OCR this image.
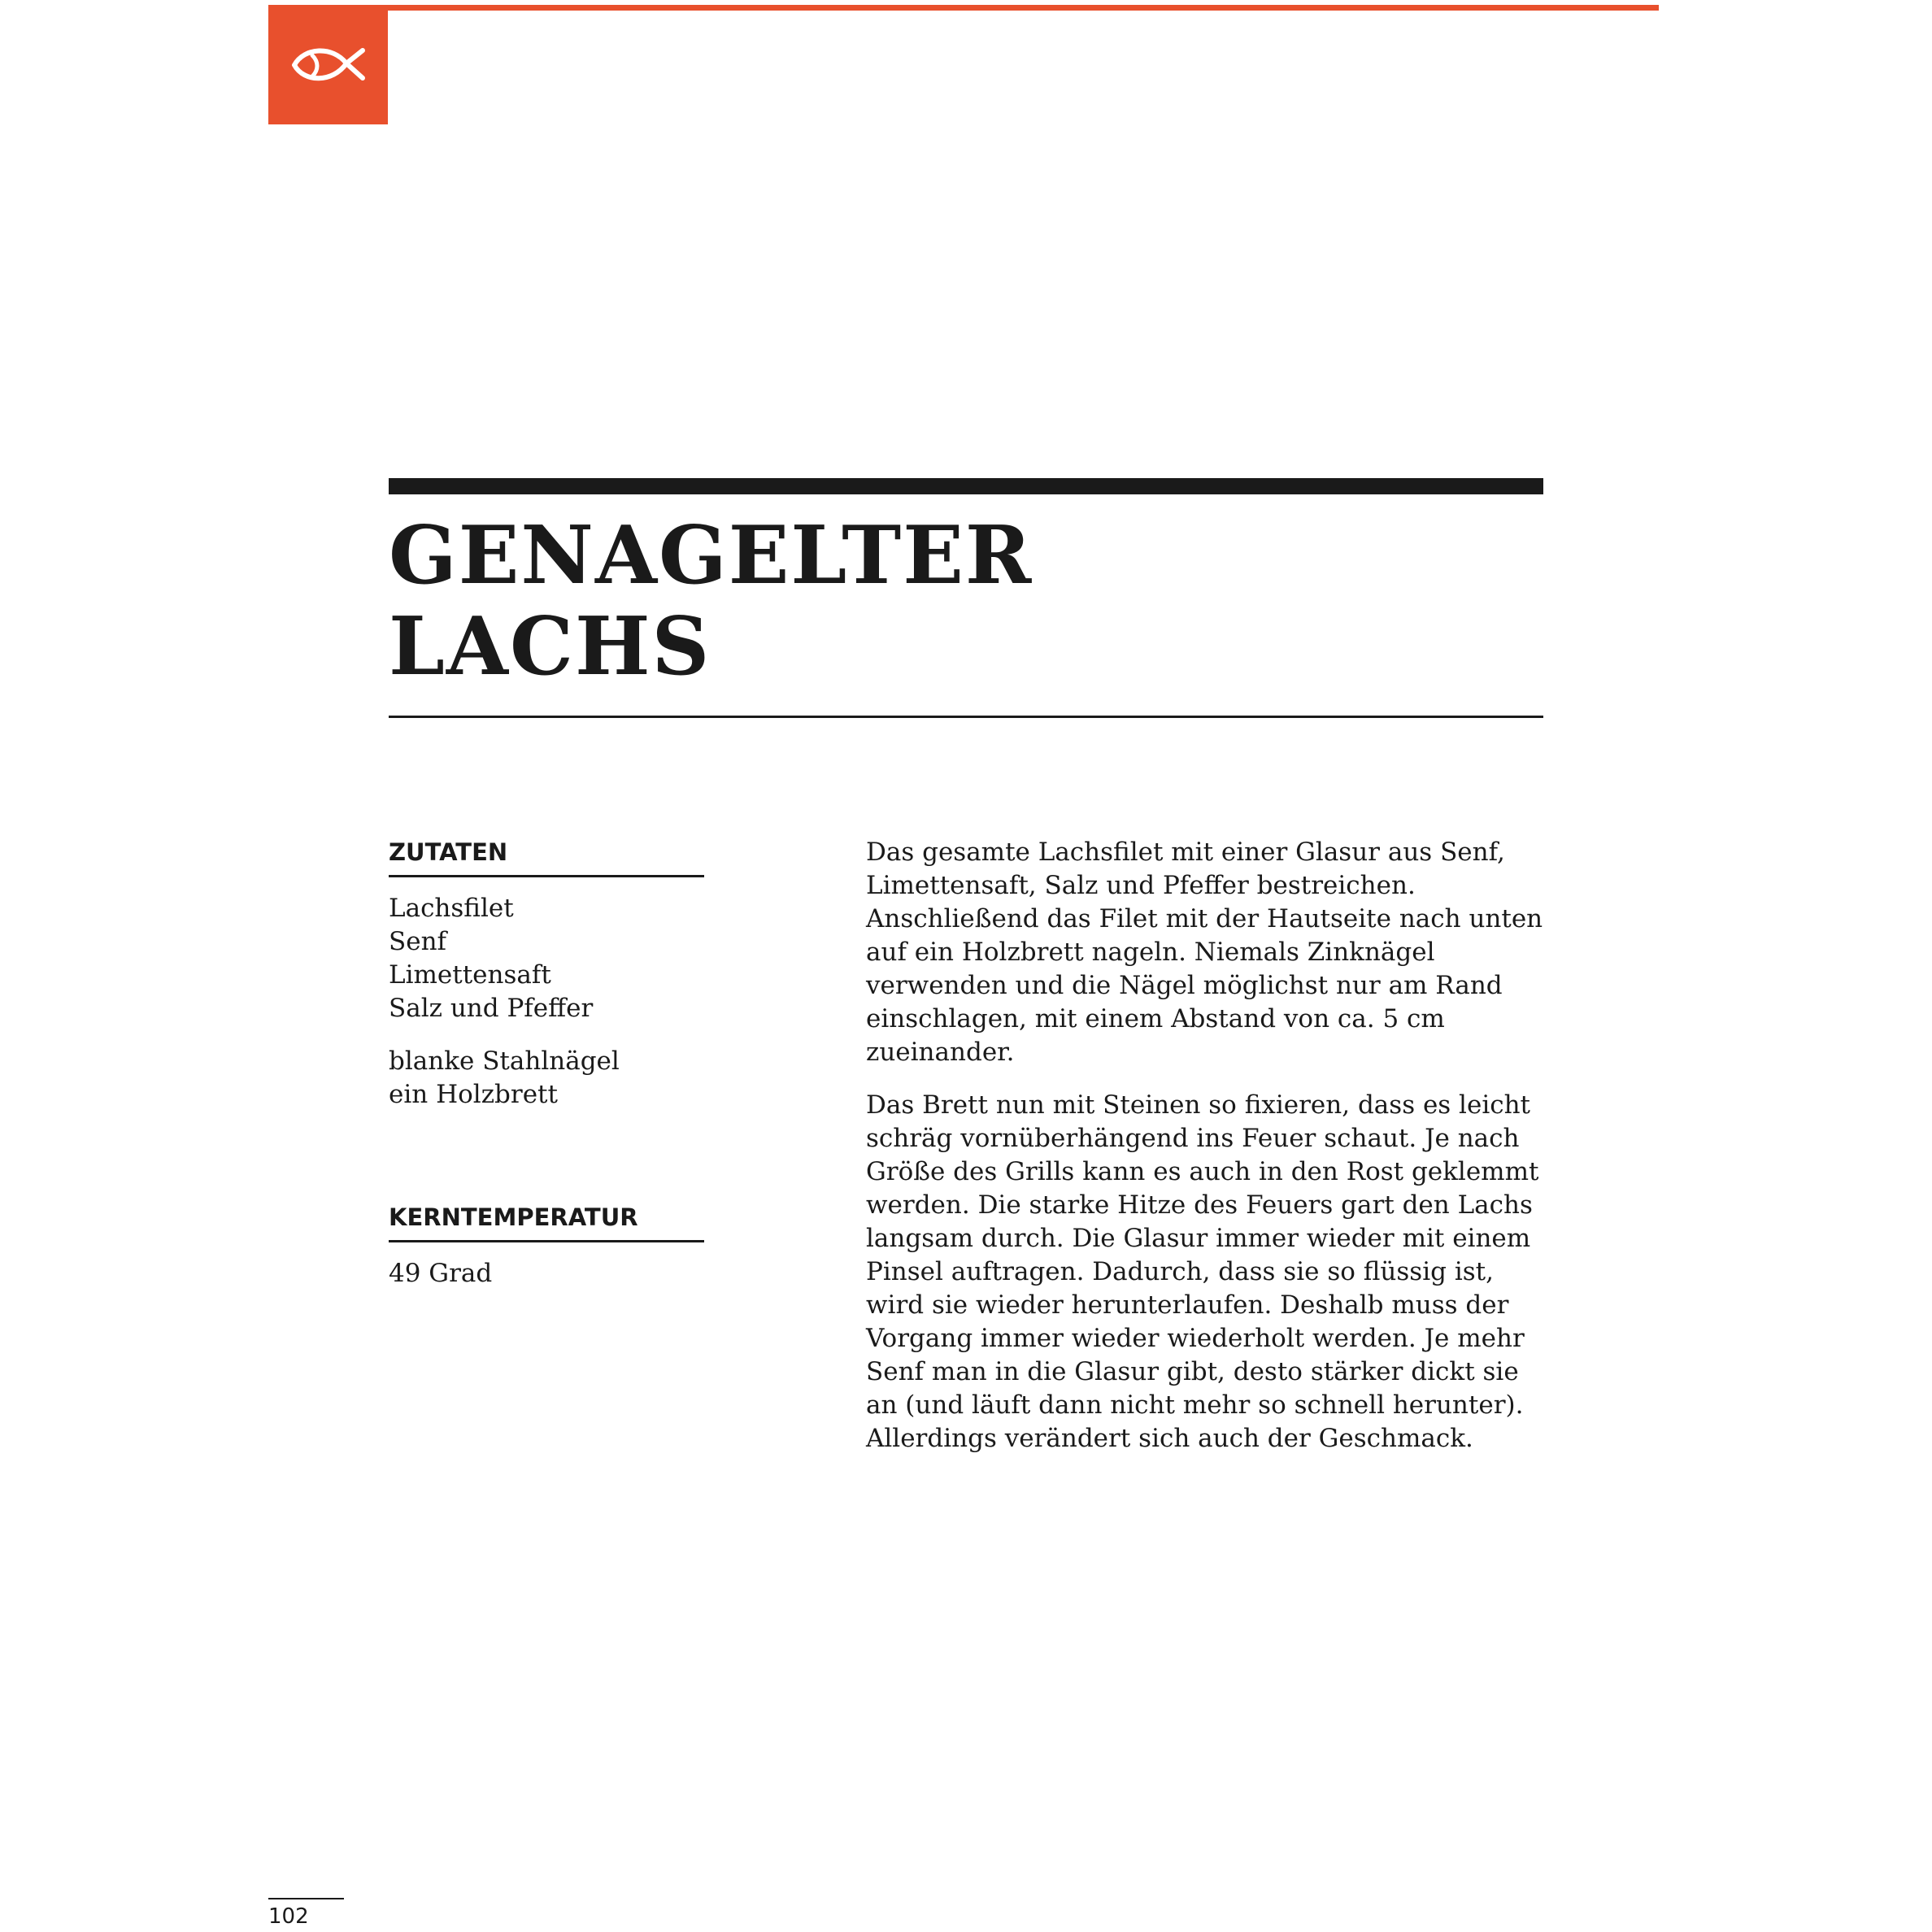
GENAGELTER
LACHS
ZUTATEN
Lachsfilet
Senf
Limettensaft
Salz und Pfeffer
blanke Stahlnägel
ein Holzbrett
KERNTEMPERATUR

49 Grad

Das gesamte Lachsfilet mit einer Glasur aus Senf, Limettensaft, Salz und Pfeffer bestreichen. Anschließend das Filet mit der Hautseite nach unten auf ein Holzbrett nageln. Niemals Zinknägel verwenden und die Nägel möglichst nur am Rand einschlagen, mit einem Abstand von ca. 5 cm zueinander.

Das Brett nun mit Steinen so fixieren, dass es leicht schräg vornüberhängend ins Feuer schaut. Je nach Größe des Grills kann es auch in den Rost geklemmt werden. Die starke Hitze des Feuers gart den Lachs langsam durch. Die Glasur immer wieder mit einem Pinsel auftragen. Dadurch, dass sie so flüssig ist, wird sie wieder herunterlaufen. Deshalb muss der Vorgang immer wieder wiederholt werden. Je mehr Senf man in die Glasur gibt, desto stärker dickt sie an (und läuft dann nicht mehr so schnell herunter). Allerdings verändert sich auch der Geschmack.

102
